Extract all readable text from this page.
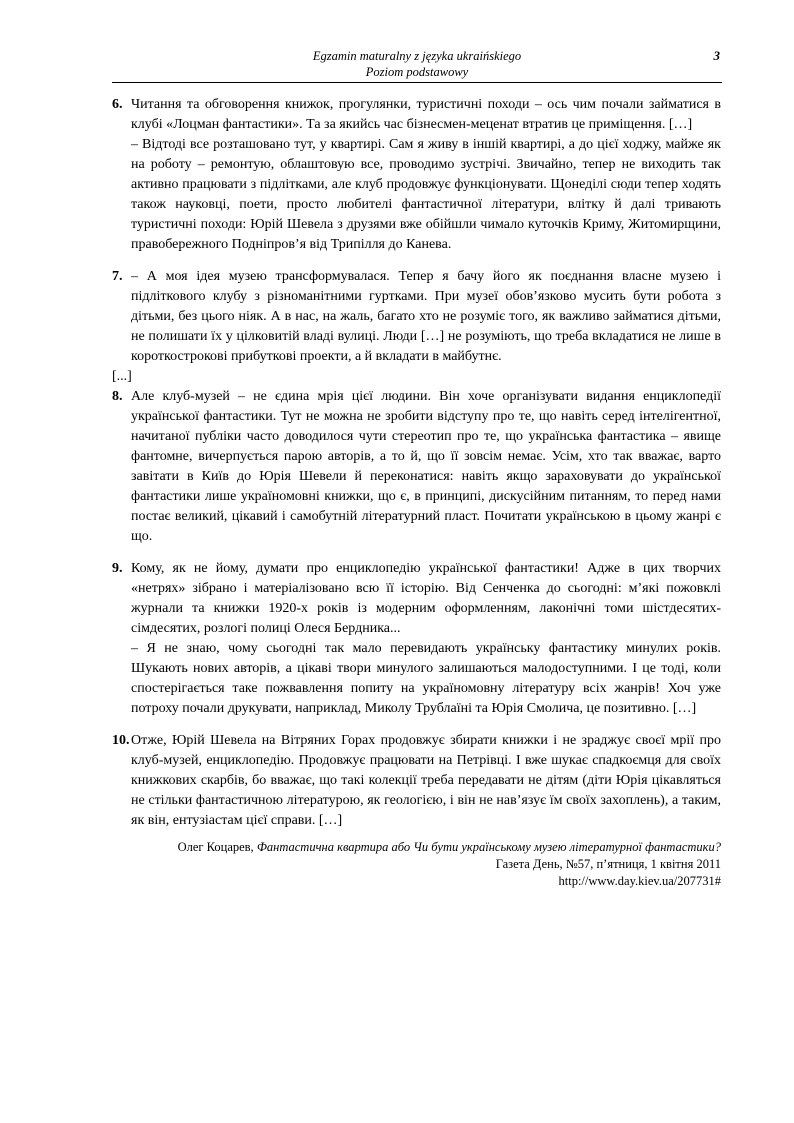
Egzamin maturalny z języka ukraińskiego
Poziom podstawowy
3
6. Читання та обговорення книжок, прогулянки, туристичні походи – ось чим почали займатися в клубі «Лоцман фантастики». Та за якийсь час бізнесмен-меценат втратив це приміщення. […]

– Відтоді все розташовано тут, у квартирі. Сам я живу в іншій квартирі, а до цієї ходжу, майже як на роботу – ремонтую, облаштовую все, проводимо зустрічі. Звичайно, тепер не виходить так активно працювати з підлітками, але клуб продовжує функціонувати. Щонеділі сюди тепер ходять також науковці, поети, просто любителі фантастичної літератури, влітку й далі тривають туристичні походи: Юрій Шевела з друзями вже обійшли чимало куточків Криму, Житомирщини, правобережного Подніпров’я від Трипілля до Канева.

7. – А моя ідея музею трансформувалася. Тепер я бачу його як поєднання власне музею і підліткового клубу з різноманітними гуртками. При музеї обов’язково мусить бути робота з дітьми, без цього ніяк. А в нас, на жаль, багато хто не розуміє того, як важливо займатися дітьми, не полишати їх у цілковитій владі вулиці. Люди […] не розуміють, що треба вкладатися не лише в короткострокові прибуткові проекти, а й вкладати в майбутнє.

[...]
8. Але клуб-музей – не єдина мрія цієї людини. Він хоче організувати видання енциклопедії української фантастики. Тут не можна не зробити відступу про те, що навіть серед інтелігентної, начитаної публіки часто доводилося чути стереотип про те, що українська фантастика – явище фантомне, вичерпується парою авторів, а то й, що її зовсім немає. Усім, хто так вважає, варто завітати в Київ до Юрія Шевели й переконатися: навіть якщо зараховувати до української фантастики лише україномовні книжки, що є, в принципі, дискусійним питанням, то перед нами постає великий, цікавий і самобутній літературний пласт. Почитати українською в цьому жанрі є що.

9. Кому, як не йому, думати про енциклопедію української фантастики! Адже в цих творчих «нетрях» зібрано і матеріалізовано всю її історію. Від Сенченка до сьогодні: м’які пожовклі журнали та книжки 1920-х років із модерним оформленням, лаконічні томи шістдесятих-сімдесятих, розлогі полиці Олеся Бердника...

– Я не знаю, чому сьогодні так мало перевидають українську фантастику минулих років. Шукають нових авторів, а цікаві твори минулого залишаються малодоступними. І це тоді, коли спостерігається таке пожвавлення попиту на україномовну літературу всіх жанрів! Хоч уже потроху почали друкувати, наприклад, Миколу Трублаїні та Юрія Смолича, це позитивно. […]

10. Отже, Юрій Шевела на Вітряних Горах продовжує збирати книжки і не зраджує своєї мрії про клуб-музей, енциклопедію. Продовжує працювати на Петрівці. І вже шукає спадкоємця для своїх книжкових скарбів, бо вважає, що такі колекції треба передавати не дітям (діти Юрія цікавляться не стільки фантастичною літературою, як геологією, і він не нав’язує їм своїх захоплень), а таким, як він, ентузіастам цієї справи. […]

Олег Коцарев, Фантастична квартира або Чи бути українському музею літературної фантастики?
Газета День, №57, п’ятниця, 1 квітня 2011
http://www.day.kiev.ua/207731#
